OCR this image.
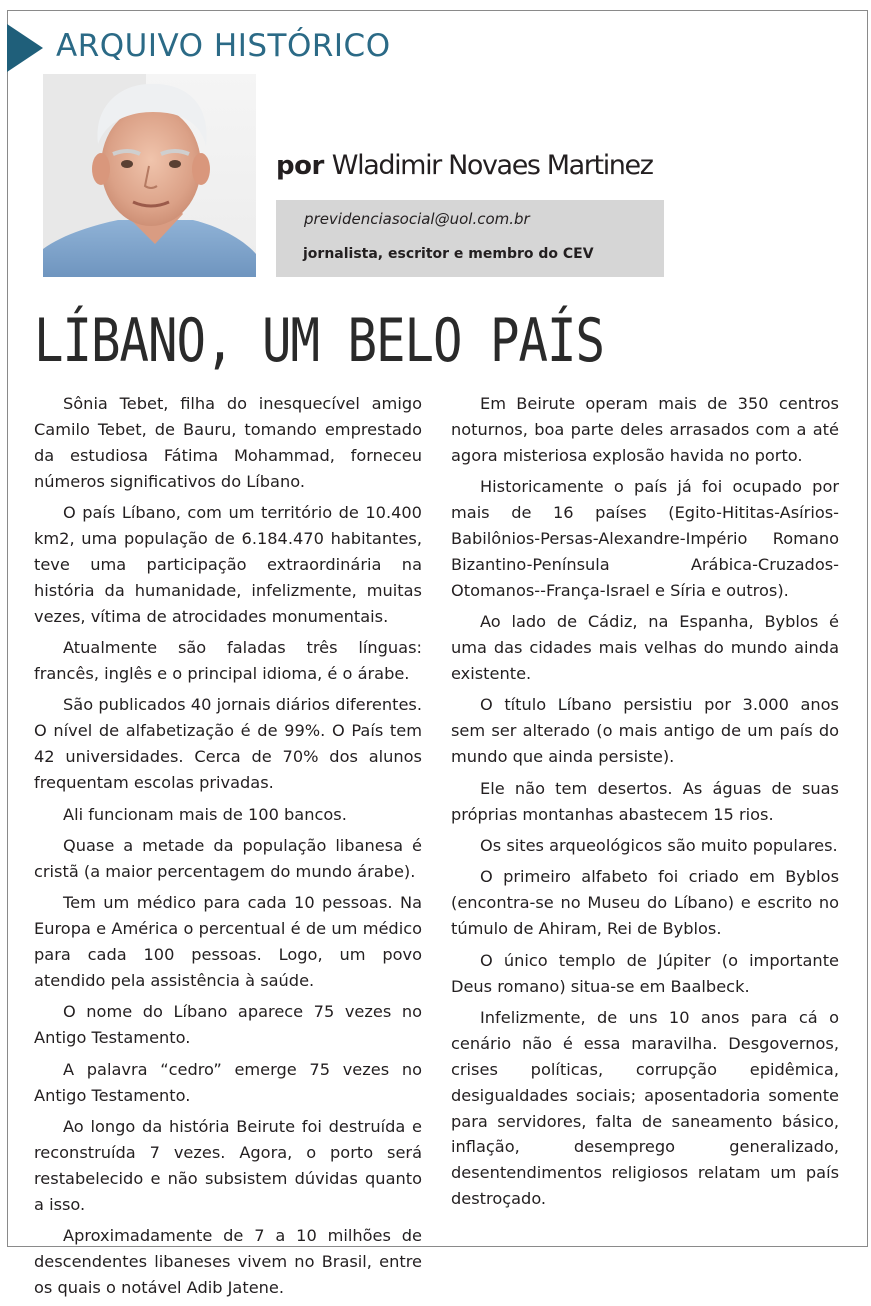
ARQUIVO HISTÓRICO
por Wladimir Novaes Martinez
previdenciasocial@uol.com.br
jornalista, escritor e membro do CEV
LÍBANO, UM BELO PAÍS

Sônia Tebet, filha do inesquecível amigo Camilo Tebet, de Bauru, tomando emprestado da estudiosa Fátima Mohammad, forneceu números significativos do Líbano.

O país Líbano, com um território de 10.400 km2, uma população de 6.184.470 habitantes, teve uma participação extraordinária na história da humanidade, infelizmente, muitas vezes, vítima de atrocidades monumentais.

Atualmente são faladas três línguas: francês, inglês e o principal idioma, é o árabe.

São publicados 40 jornais diários diferentes. O nível de alfabetização é de 99%. O País tem 42 universidades. Cerca de 70% dos alunos frequentam escolas privadas.

Ali funcionam mais de 100 bancos.

Quase a metade da população libanesa é cristã (a maior percentagem do mundo árabe).

Tem um médico para cada 10 pessoas. Na Europa e América o percentual é de um médico para cada 100 pessoas. Logo, um povo atendido pela assistência à saúde.

O nome do Líbano aparece 75 vezes no Antigo Testamento.

A palavra “cedro” emerge 75 vezes no Antigo Testamento.

Ao longo da história Beirute foi destruída e reconstruída 7 vezes. Agora, o porto será restabelecido e não subsistem dúvidas quanto a isso.

Aproximadamente de 7 a 10 milhões de descendentes libaneses vivem no Brasil, entre os quais o notável Adib Jatene.

Em Beirute operam mais de 350 centros noturnos, boa parte deles arrasados com a até agora misteriosa explosão havida no porto.

Historicamente o país já foi ocupado por mais de 16 países (Egito-Hititas-Asírios-Babilônios-Persas-Alexandre-Império Romano Bizantino-Península Arábica-Cruzados-Otomanos--França-Israel e Síria e outros).

Ao lado de Cádiz, na Espanha, Byblos é uma das cidades mais velhas do mundo ainda existente.

O título Líbano persistiu por 3.000 anos sem ser alterado (o mais antigo de um país do mundo que ainda persiste).

Ele não tem desertos. As águas de suas próprias montanhas abastecem 15 rios.

Os sites arqueológicos são muito populares.

O primeiro alfabeto foi criado em Byblos (encontra-se no Museu do Líbano) e escrito no túmulo de Ahiram, Rei de Byblos.

O único templo de Júpiter (o importante Deus romano) situa-se em Baalbeck.

Infelizmente, de uns 10 anos para cá o cenário não é essa maravilha. Desgovernos, crises políticas, corrupção epidêmica, desigualdades sociais; aposentadoria somente para servidores, falta de saneamento básico, inflação, desemprego generalizado, desentendimentos religiosos relatam um país destroçado.
